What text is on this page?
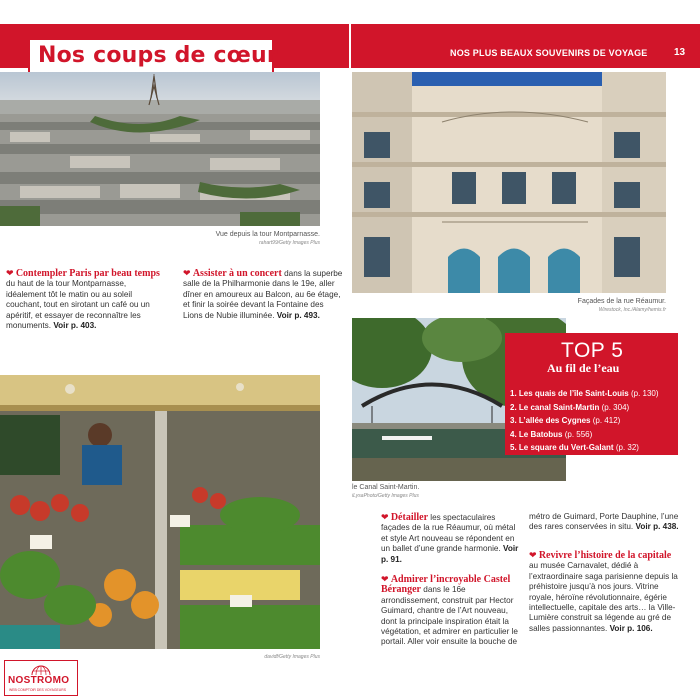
Nos coups de cœur	NOS PLUS BEAUX SOUVENIRS DE VOYAGE	13
Vue depuis la tour Montparnasse.
rahart99/Getty Images Plus
Façades de la rue Réaumur.
Wirestock, Inc./Alamy/hemis.fr
❤ Contempler Paris par beau temps du haut de la tour Montparnasse, idéalement tôt le matin ou au soleil couchant, tout en sirotant un café ou un apéritif, et essayer de reconnaître les monuments. Voir p. 403.
❤ Assister à un concert dans la superbe salle de la Philharmonie dans le 19e, aller dîner en amoureux au Balcon, au 6e étage, et finir la soirée devant la Fontaine des Lions de Nubie illuminée. Voir p. 493.
davidf/Getty Images Plus
le Canal Saint-Martin.
iLysaPhoto/Getty Images Plus
TOP 5
Au fil de l’eau
1. Les quais de l’île Saint-Louis (p. 130)
2. Le canal Saint-Martin (p. 304)
3. L’allée des Cygnes (p. 412)
4. Le Batobus (p. 556)
5. Le square du Vert-Galant (p. 32)
❤ Détailler les spectaculaires façades de la rue Réaumur, où métal et style Art nouveau se répondent en un ballet d’une grande harmonie. Voir p. 91.
❤ Admirer l’incroyable Castel Béranger dans le 16e arrondissement, construit par Hector Guimard, chantre de l’Art nouveau, dont la principale inspiration était la végétation, et admirer en particulier le portail. Aller voir ensuite la bouche de
métro de Guimard, Porte Dauphine, l’une des rares conservées in situ. Voir p. 438.
❤ Revivre l’histoire de la capitale au musée Carnavalet, dédié à l’extraordinaire saga parisienne depuis la préhistoire jusqu’à nos jours. Vitrine royale, héroïne révolutionnaire, égérie intellectuelle, capitale des arts… la Ville-Lumière construit sa légende au gré de salles passionnantes. Voir p. 106.
NOSTROMO
WEB COMPTOIR DES VOYAGEURS
